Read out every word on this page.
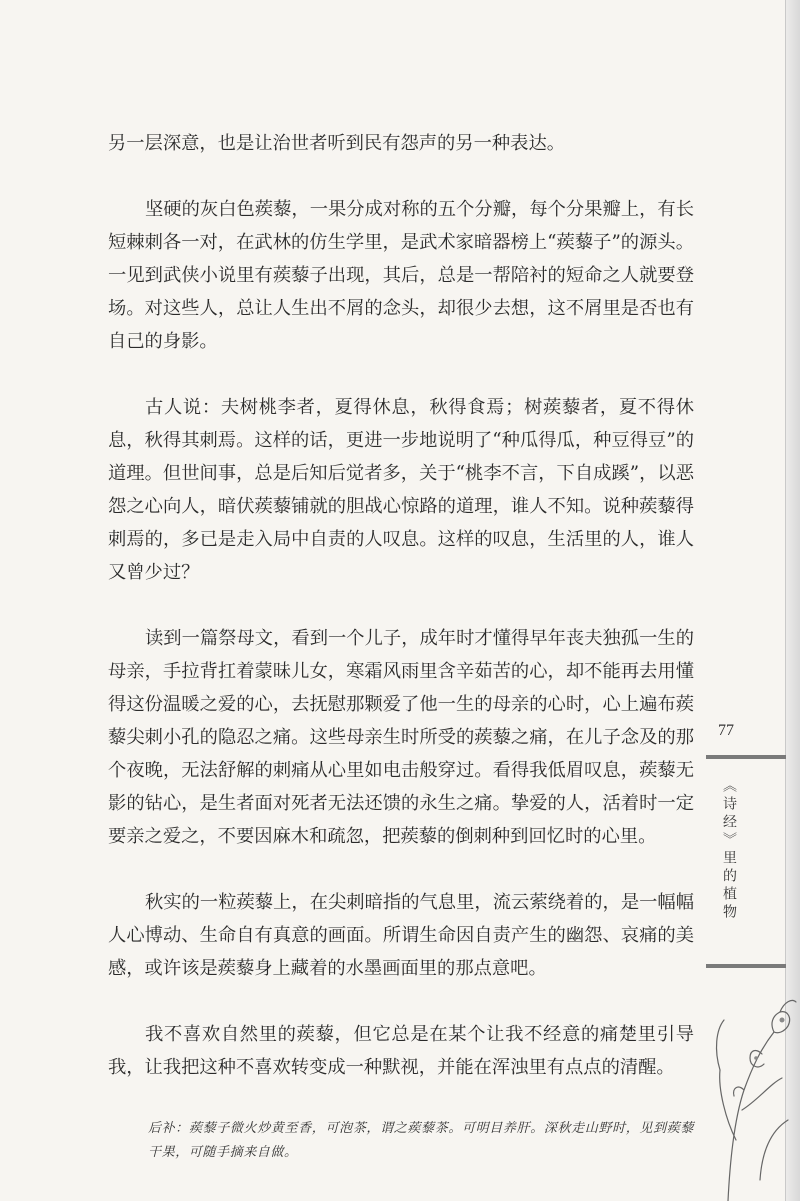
另一层深意，也是让治世者听到民有怨声的另一种表达。

坚硬的灰白色蒺藜，一果分成对称的五个分瓣，每个分果瓣上，有长短棘刺各一对，在武林的仿生学里，是武术家暗器榜上“蒺藜子”的源头。一见到武侠小说里有蒺藜子出现，其后，总是一帮陪衬的短命之人就要登场。对这些人，总让人生出不屑的念头，却很少去想，这不屑里是否也有自己的身影。

古人说：夫树桃李者，夏得休息，秋得食焉；树蒺藜者，夏不得休息，秋得其刺焉。这样的话，更进一步地说明了“种瓜得瓜，种豆得豆”的道理。但世间事，总是后知后觉者多，关于“桃李不言，下自成蹊”，以恶怨之心向人，暗伏蒺藜铺就的胆战心惊路的道理，谁人不知。说种蒺藜得刺焉的，多已是走入局中自责的人叹息。这样的叹息，生活里的人，谁人又曾少过？

读到一篇祭母文，看到一个儿子，成年时才懂得早年丧夫独孤一生的母亲，手拉背扛着蒙昧儿女，寒霜风雨里含辛茹苦的心，却不能再去用懂得这份温暖之爱的心，去抚慰那颗爱了他一生的母亲的心时，心上遍布蒺藜尖刺小孔的隐忍之痛。这些母亲生时所受的蒺藜之痛，在儿子念及的那个夜晚，无法舒解的刺痛从心里如电击般穿过。看得我低眉叹息，蒺藜无影的钻心，是生者面对死者无法还馈的永生之痛。挚爱的人，活着时一定要亲之爱之，不要因麻木和疏忽，把蒺藜的倒刺种到回忆时的心里。

秋实的一粒蒺藜上，在尖刺暗指的气息里，流云萦绕着的，是一幅幅人心博动、生命自有真意的画面。所谓生命因自责产生的幽怨、哀痛的美感，或许该是蒺藜身上藏着的水墨画面里的那点意吧。

我不喜欢自然里的蒺藜，但它总是在某个让我不经意的痛楚里引导我，让我把这种不喜欢转变成一种默视，并能在浑浊里有点点的清醒。

后补：蒺藜子微火炒黄至香，可泡茶，谓之蒺藜茶。可明目养肝。深秋走山野时，见到蒺藜干果，可随手摘来自做。

77
《诗经》里的植物
